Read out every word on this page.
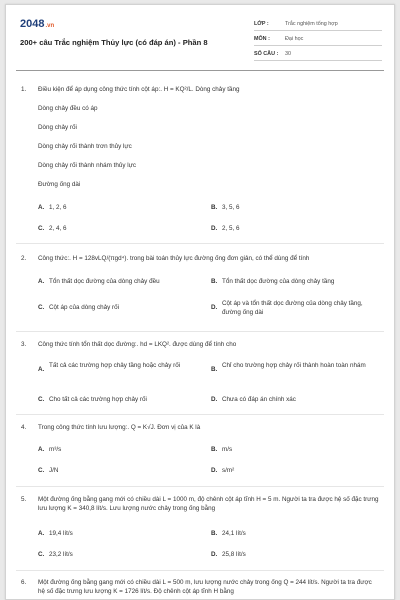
2048.vn
200+ câu Trắc nghiệm Thủy lực (có đáp án) - Phần 8
LỚP :	Trắc nghiệm tổng hợp
MÔN :	Đại học
SỐ CÂU : 30
1. Điều kiện để áp dụng công thức tính cột áp:. H = KQ²/L. Dòng chảy tầng
Dòng chảy đều có áp
Dòng chảy rối
Dòng chảy rối thành trơn thủy lực
Dòng chảy rối thành nhám thủy lực
Đường ống dài
A. 1, 2, 6	B. 3, 5, 6
C. 2, 4, 6	D. 2, 5, 6
2. Công thức:. H = 128vLQ/(πgd⁴). trong bài toán thủy lực đường ống đơn giản, có thể dùng để tính
A. Tổn thất dọc đường của dòng chảy đều	B. Tổn thất dọc đường của dòng chảy tầng
C. Cột áp của dòng chảy rối	D.
Cột áp và tổn thất dọc đường của dòng chảy tầng, đường ống dài
3. Công thức tính tổn thất dọc đường:. hd = LKQ². được dùng để tính cho
A.
Tất cả các trường hợp chảy tầng hoặc chảy rối
B.
Chỉ cho trường hợp chảy rối thành hoàn toàn nhám
C. Cho tất cả các trường hợp chảy rối	D. Chưa có đáp án chính xác
4. Trong công thức tính lưu lượng:. Q = K√J. Đơn vị của K là
A. m³/s	B. m/s
C. J/N	D. s/m²
5. Một đường ống bằng gang mới có chiều dài L = 1000 m, độ chênh cột áp tĩnh H = 5 m. Người ta tra được hệ số đặc trưng lưu lượng K = 340,8 lít/s. Lưu lượng nước chảy trong ống bằng
A. 19,4 lít/s	B. 24,1 lít/s
C. 23,2 lít/s	D. 25,8 lít/s
6. Một đường ống bằng gang mới có chiều dài L = 500 m, lưu lượng nước chảy trong ống Q = 244 lít/s. Người ta tra được hệ số đặc trưng lưu lượng K = 1726 lít/s. Độ chênh cột áp tĩnh H bằng
